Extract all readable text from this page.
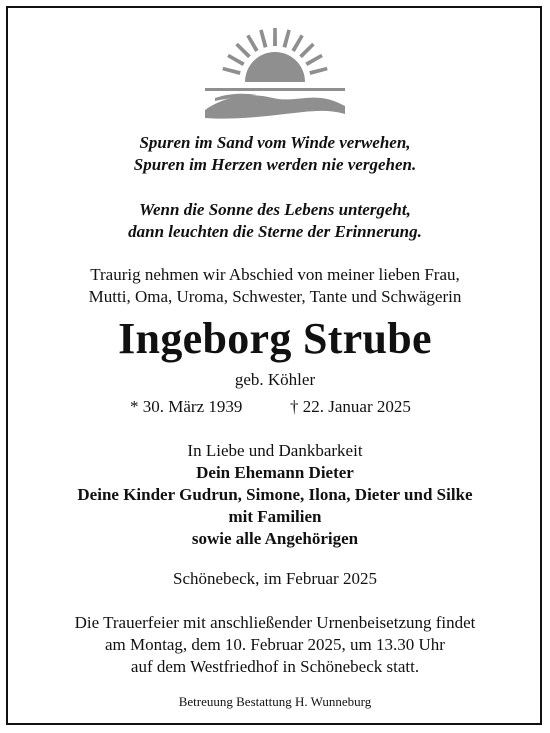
Spuren im Sand vom Winde verwehen,
Spuren im Herzen werden nie vergehen.
Wenn die Sonne des Lebens untergeht,
dann leuchten die Sterne der Erinnerung.
Traurig nehmen wir Abschied von meiner lieben Frau,
Mutti, Oma, Uroma, Schwester, Tante und Schwägerin
Ingeborg Strube
geb. Köhler
* 30. März 1939	† 22. Januar 2025
In Liebe und Dankbarkeit
Dein Ehemann Dieter
Deine Kinder Gudrun, Simone, Ilona, Dieter und Silke
mit Familien
sowie alle Angehörigen
Schönebeck, im Februar 2025
Die Trauerfeier mit anschließender Urnenbeisetzung findet
am Montag, dem 10. Februar 2025, um 13.30 Uhr
auf dem Westfriedhof in Schönebeck statt.
Betreuung Bestattung H. Wunneburg
